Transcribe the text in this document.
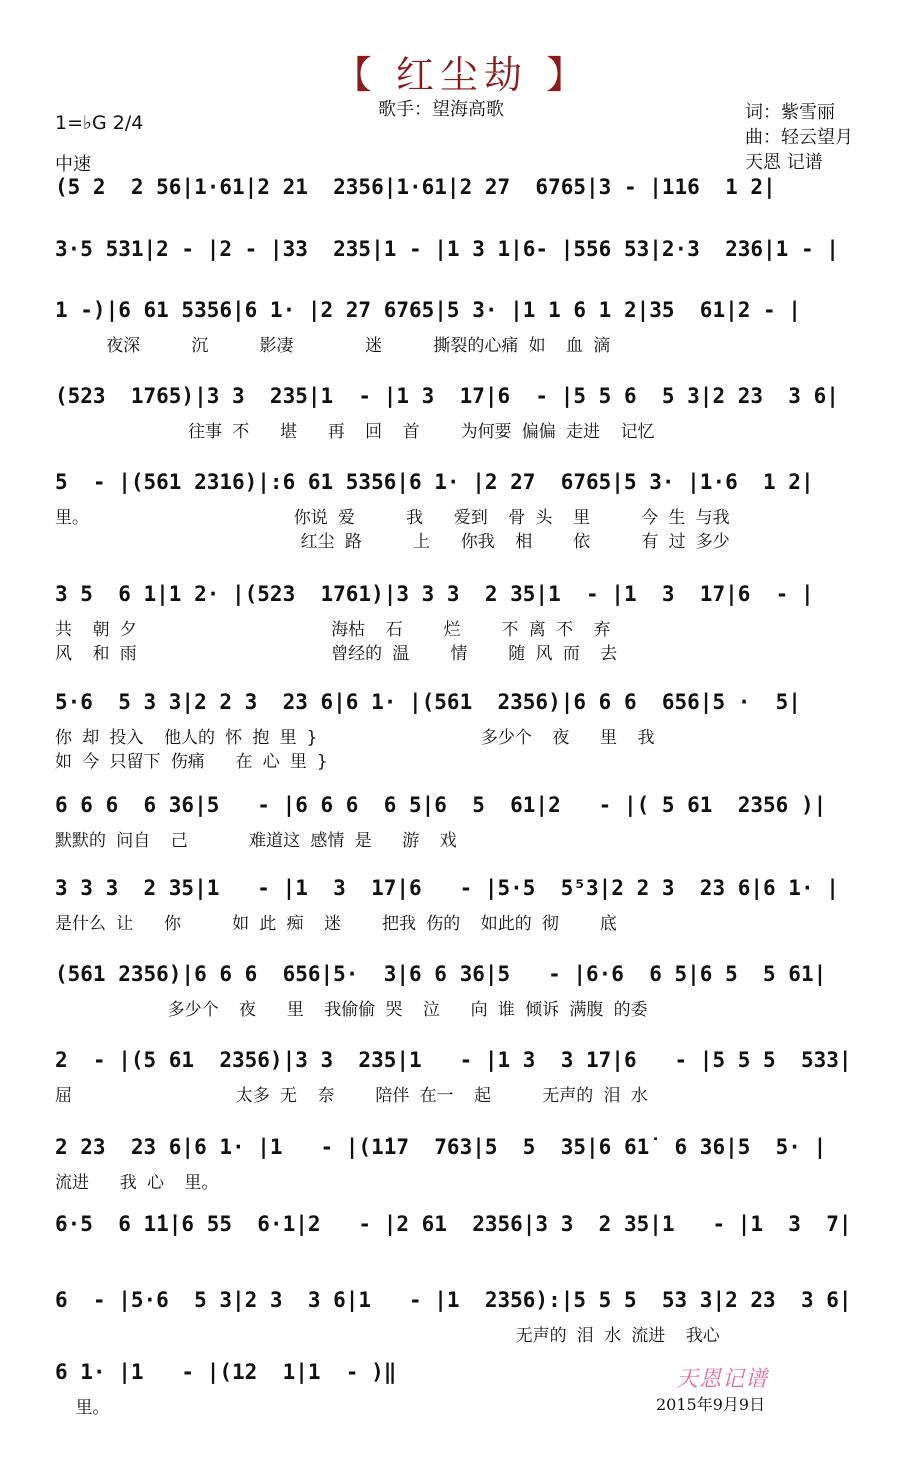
【 红尘劫 】
歌手：望海高歌	词：紫雪丽
曲：轻云望月
天恩 记谱
1=♭G 2/4
中速
(5 2  2 56|1·61|2 21  2356|1·61|2 27  6765|3 - |116  1 2|
3·5 531|2 - |2 - |33  235|1 - |1 3 1|6- |556 53|2·3  236|1 - |
1 -)|6 61 5356|6 1· |2 27 6765|5 3· |1 1 6 1 2|35  61|2 - |
夜深     沉     影凄       迷     撕裂的心痛 如  血 滴
(523  1765)|3 3  235|1  - |1 3  17|6  - |5 5 6  5 3|2 23  3 6|
往事 不   堪   再  回  首    为何要 偏偏 走进  记忆
5  - |(561 2316)|:6 61 5356|6 1· |2 27  6765|5 3· |1·6  1 2|
里。                    你说 爱     我   爱到  骨 头  里     今 生 与我
红尘 路     上   你我  相    依     有 过 多少
3 5  6 1|1 2· |(523  1761)|3 3 3  2 35|1  - |1  3  17|6  - |
共  朝 夕                   海枯  石    烂    不 离 不  弃
风  和 雨                   曾经的 温    情    随 风 而  去
5·6  5 3 3|2 2 3  23 6|6 1· |(561  2356)|6 6 6  656|5 ·  5|
你 却 投入  他人的 怀 抱 里 }                多少个  夜   里  我
如 今 只留下 伤痛   在 心 里 }
6 6 6  6 36|5   - |6 6 6  6 5|6  5  61|2   - |( 5 61  2356 )|
默默的 问自  己      难道这 感情 是   游  戏
3 3 3  2 35|1   - |1  3  17|6   - |5·5  5⁵3|2 2 3  23 6|6 1· |
是什么 让   你     如 此 痴  迷    把我 伤的  如此的 彻    底
(561 2356)|6 6 6  656|5·  3|6 6 36|5   - |6·6  6 5|6 5  5 61|
多少个  夜   里  我偷偷 哭  泣   向 谁 倾诉 满腹 的委
2  - |(5 61  2356)|3 3  235|1   - |1 3  3 17|6   - |5 5 5  533|
屈                太多 无  奈    陪伴 在一  起     无声的 泪 水
2 23  23 6|6 1· |1   - |(1̇17  763|5  5  35|6 61̇  6 36|5  5· |
流进   我 心  里。
6·5  6 1̇1̇|6 55  6·1|2   - |2 61  2356|3 3  2 35|1   - |1  3  7|
6  - |5·6  5 3|2 3  3 6|1   - |1  2356):|5 5 5  53 3|2 23  3 6|
无声的 泪 水 流进  我心
6 1· |1   - |(12  1|1  - )‖
里。
天恩记谱
2015年9月9日
